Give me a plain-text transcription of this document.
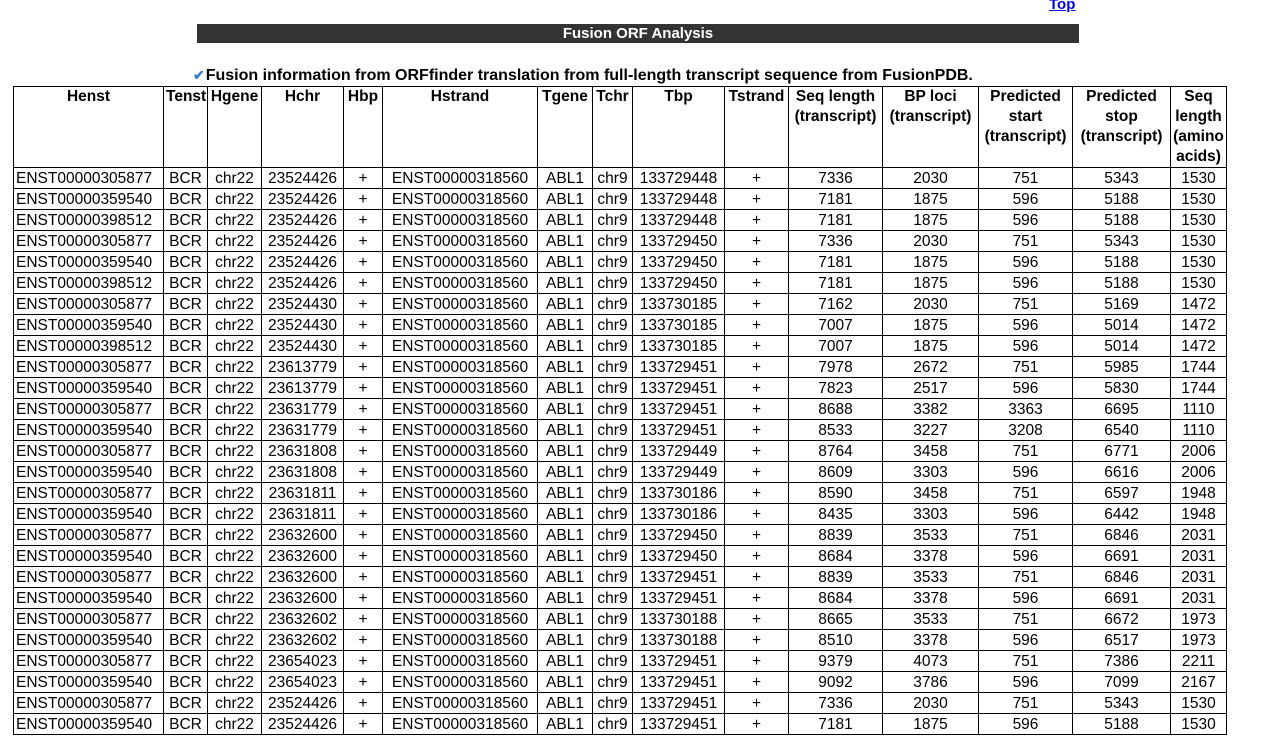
Top
Fusion ORF Analysis
✔Fusion information from ORFfinder translation from full-length transcript sequence from FusionPDB.
Henst	Tenst	Hgene	Hchr	Hbp	Hstrand	Tgene	Tchr	Tbp	Tstrand	Seq length (transcript)	BP loci (transcript)	Predicted start (transcript)	Predicted stop (transcript)	Seq length (amino acids)
ENST00000305877	BCR	chr22	23524426	+	ENST00000318560	ABL1	chr9	133729448	+	7336	2030	751	5343	1530
ENST00000359540	BCR	chr22	23524426	+	ENST00000318560	ABL1	chr9	133729448	+	7181	1875	596	5188	1530
ENST00000398512	BCR	chr22	23524426	+	ENST00000318560	ABL1	chr9	133729448	+	7181	1875	596	5188	1530
ENST00000305877	BCR	chr22	23524426	+	ENST00000318560	ABL1	chr9	133729450	+	7336	2030	751	5343	1530
ENST00000359540	BCR	chr22	23524426	+	ENST00000318560	ABL1	chr9	133729450	+	7181	1875	596	5188	1530
ENST00000398512	BCR	chr22	23524426	+	ENST00000318560	ABL1	chr9	133729450	+	7181	1875	596	5188	1530
ENST00000305877	BCR	chr22	23524430	+	ENST00000318560	ABL1	chr9	133730185	+	7162	2030	751	5169	1472
ENST00000359540	BCR	chr22	23524430	+	ENST00000318560	ABL1	chr9	133730185	+	7007	1875	596	5014	1472
ENST00000398512	BCR	chr22	23524430	+	ENST00000318560	ABL1	chr9	133730185	+	7007	1875	596	5014	1472
ENST00000305877	BCR	chr22	23613779	+	ENST00000318560	ABL1	chr9	133729451	+	7978	2672	751	5985	1744
ENST00000359540	BCR	chr22	23613779	+	ENST00000318560	ABL1	chr9	133729451	+	7823	2517	596	5830	1744
ENST00000305877	BCR	chr22	23631779	+	ENST00000318560	ABL1	chr9	133729451	+	8688	3382	3363	6695	1110
ENST00000359540	BCR	chr22	23631779	+	ENST00000318560	ABL1	chr9	133729451	+	8533	3227	3208	6540	1110
ENST00000305877	BCR	chr22	23631808	+	ENST00000318560	ABL1	chr9	133729449	+	8764	3458	751	6771	2006
ENST00000359540	BCR	chr22	23631808	+	ENST00000318560	ABL1	chr9	133729449	+	8609	3303	596	6616	2006
ENST00000305877	BCR	chr22	23631811	+	ENST00000318560	ABL1	chr9	133730186	+	8590	3458	751	6597	1948
ENST00000359540	BCR	chr22	23631811	+	ENST00000318560	ABL1	chr9	133730186	+	8435	3303	596	6442	1948
ENST00000305877	BCR	chr22	23632600	+	ENST00000318560	ABL1	chr9	133729450	+	8839	3533	751	6846	2031
ENST00000359540	BCR	chr22	23632600	+	ENST00000318560	ABL1	chr9	133729450	+	8684	3378	596	6691	2031
ENST00000305877	BCR	chr22	23632600	+	ENST00000318560	ABL1	chr9	133729451	+	8839	3533	751	6846	2031
ENST00000359540	BCR	chr22	23632600	+	ENST00000318560	ABL1	chr9	133729451	+	8684	3378	596	6691	2031
ENST00000305877	BCR	chr22	23632602	+	ENST00000318560	ABL1	chr9	133730188	+	8665	3533	751	6672	1973
ENST00000359540	BCR	chr22	23632602	+	ENST00000318560	ABL1	chr9	133730188	+	8510	3378	596	6517	1973
ENST00000305877	BCR	chr22	23654023	+	ENST00000318560	ABL1	chr9	133729451	+	9379	4073	751	7386	2211
ENST00000359540	BCR	chr22	23654023	+	ENST00000318560	ABL1	chr9	133729451	+	9092	3786	596	7099	2167
ENST00000305877	BCR	chr22	23524426	+	ENST00000318560	ABL1	chr9	133729451	+	7336	2030	751	5343	1530
ENST00000359540	BCR	chr22	23524426	+	ENST00000318560	ABL1	chr9	133729451	+	7181	1875	596	5188	1530
